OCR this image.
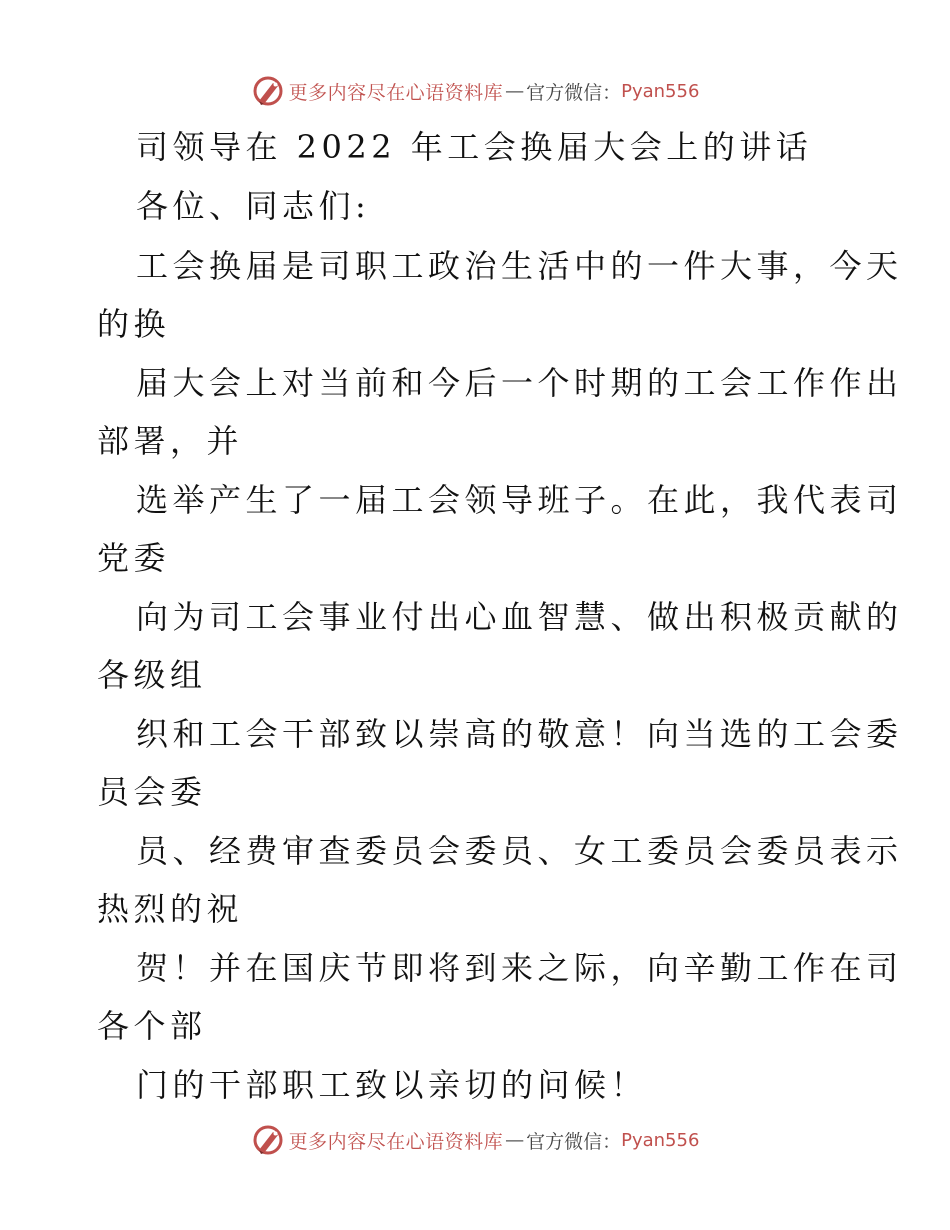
更多内容尽在心语资料库 — 官方微信： Pyan556
司领导在 2022 年工会换届大会上的讲话
各位、同志们:
工会换届是司职工政治生活中的一件大事，今天
的换
届大会上对当前和今后一个时期的工会工作作出
部署，并
选举产生了一届工会领导班子。在此，我代表司
党委
向为司工会事业付出心血智慧、做出积极贡献的
各级组
织和工会干部致以崇高的敬意！向当选的工会委
员会委
员、经费审查委员会委员、女工委员会委员表示
热烈的祝
贺！并在国庆节即将到来之际，向辛勤工作在司
各个部
门的干部职工致以亲切的问候！
更多内容尽在心语资料库 — 官方微信： Pyan556
